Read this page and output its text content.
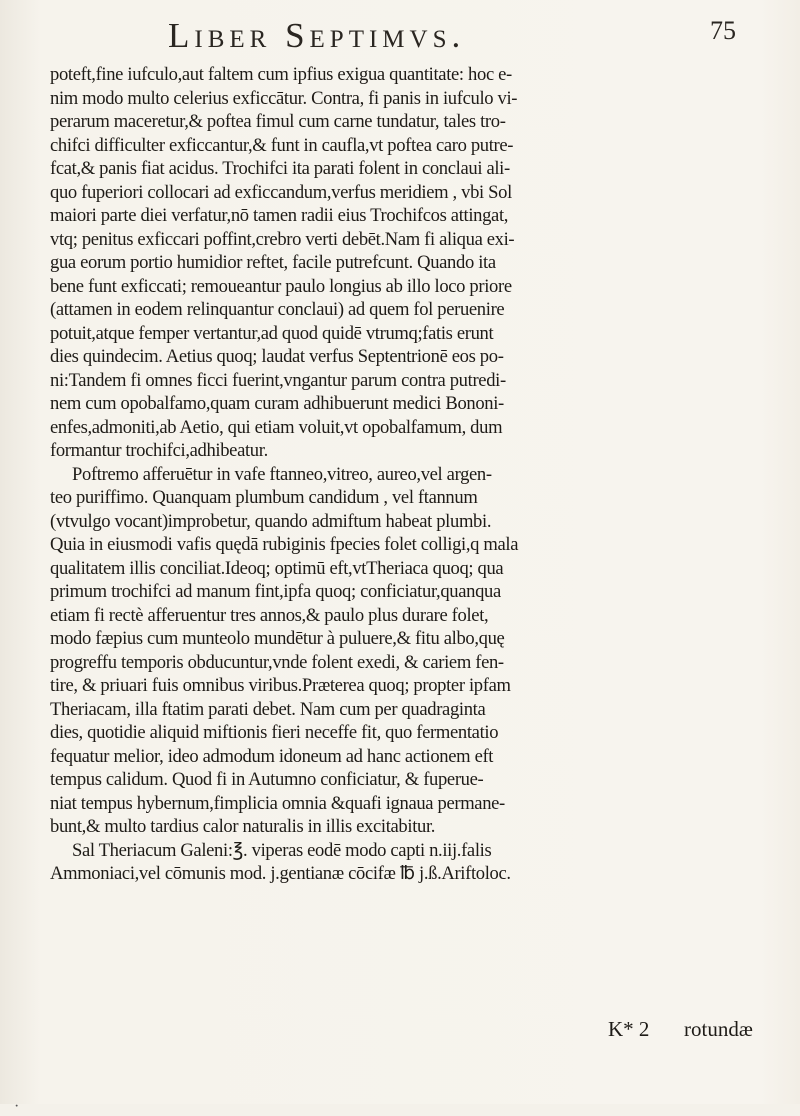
Liber Septimvs.	75
poteft,fine iufculo,aut faltem cum ipfius exigua quantitate: hoc e-
nim modo multo celerius exficcātur. Contra, fi panis in iufculo vi-
perarum maceretur,& poftea fimul cum carne tundatur, tales tro-
chifci difficulter exficcantur,& funt in caufla,vt poftea caro putre-
fcat,& panis fiat acidus. Trochifci ita parati folent in conclaui ali-
quo fuperiori collocari ad exficcandum,verfus meridiem , vbi Sol
maiori parte diei verfatur,nō tamen radii eius Trochifcos attingat,
vtq; penitus exficcari poffint,crebro verti debēt.Nam fi aliqua exi-
gua eorum portio humidior reftet, facile putrefcunt. Quando ita
bene funt exficcati; remoueantur paulo longius ab illo loco priore
(attamen in eodem relinquantur conclaui) ad quem fol peruenire
potuit,atque femper vertantur,ad quod quidē vtrumq;fatis erunt
dies quindecim. Aetius quoq; laudat verfus Septentrionē eos po-
ni:Tandem fi omnes ficci fuerint,vngantur parum contra putredi-
nem cum opobalfamo,quam curam adhibuerunt medici Bononi-
enfes,admoniti,ab Aetio, qui etiam voluit,vt opobalfamum, dum
formantur trochifci,adhibeatur.
Poftremo afferuētur in vafe ftanneo,vitreo, aureo,vel argen-
teo puriffimo. Quanquam plumbum candidum , vel ftannum
(vtvulgo vocant)improbetur, quando admiftum habeat plumbi.
Quia in eiusmodi vafis quędā rubiginis fpecies folet colligi,q mala
qualitatem illis conciliat.Ideoq; optimū eft,vtTheriaca quoq; qua
primum trochifci ad manum fint,ipfa quoq; conficiatur,quanqua
etiam fi rectè afferuentur tres annos,& paulo plus durare folet,
modo fæpius cum munteolo mundētur à puluere,& fitu albo,quę
progreffu temporis obducuntur,vnde folent exedi, & cariem fen-
tire, & priuari fuis omnibus viribus.Præterea quoq; propter ipfam
Theriacam, illa ftatim parati debet. Nam cum per quadraginta
dies, quotidie aliquid miftionis fieri neceffe fit, quo fermentatio
fequatur melior, ideo admodum idoneum ad hanc actionem eft
tempus calidum. Quod fi in Autumno conficiatur, & fuperue-
niat tempus hybernum,fimplicia omnia &quafi ignaua permane-
bunt,& multo tardius calor naturalis in illis excitabitur.
Sal Theriacum Galeni:℥. viperas eodē modo capti n.iij.falis
Ammoniaci,vel cōmunis mod. j.gentianæ cōcifæ ℔ j.ß.Ariftoloc.
K* 2 rotundæ
·
